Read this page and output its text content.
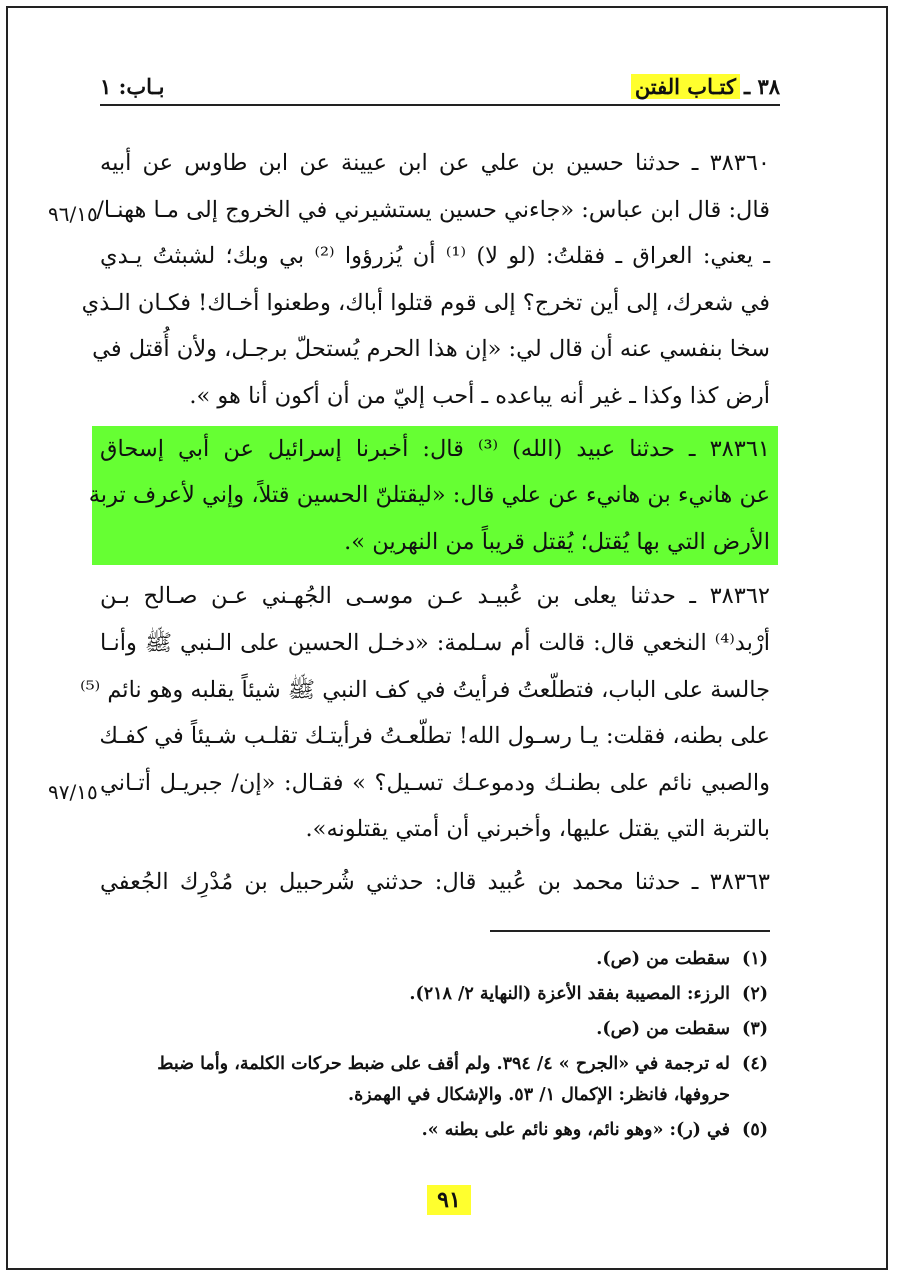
٣٨ ـ
كتـاب الفتن
بـاب: ١
٣٨٣٦٠ ـ حدثنا حسين بن علي عن ابن عيينة عن ابن طاوس عن أبيه
قال: قال ابن عباس: «جاءني حسين يستشيرني في الخروج إلى مـا ههنـا/
ـ يعني: العراق ـ فقلتُ: (لو لا) ⁽¹⁾ أن يُزرؤوا ⁽²⁾ بي وبك؛ لشبثتُ يـدي
في شعرك، إلى أين تخرج؟ إلى قوم قتلوا أباك، وطعنوا أخـاك! فكـان الـذي
سخا بنفسي عنه أن قال لي: «إن هذا الحرم يُستحلّ برجـل، ولأن أُقتل في
أرض كذا وكذا ـ غير أنه يباعده ـ أحب إليّ من أن أكون أنا هو ».
٣٨٣٦١ ـ حدثنا عبيد (الله) ⁽³⁾ قال: أخبرنا إسرائيل عن أبي إسحاق
عن هانيء بن هانيء عن علي قال: «ليقتلنّ الحسين قتلاً، وإني لأعرف تربة
الأرض التي بها يُقتل؛ يُقتل قريباً من النهرين ».
٣٨٣٦٢ ـ حدثنا يعلى بن عُبيـد عـن موسـى الجُهـني عـن صـالح بـن
أرْبد⁽⁴⁾ النخعي قال: قالت أم سـلمة: «دخـل الحسين على الـنبي ﷺ وأنـا
جالسة على الباب، فتطلّعتُ فرأيتُ في كف النبي ﷺ شيئاً يقلبه وهو نائم ⁽⁵⁾
على بطنه، فقلت: يـا رسـول الله! تطلّعـتُ فرأيتـك تقلـب شـيئاً في كفـك
والصبي نائم على بطنـك ودموعـك تسـيل؟ » فقـال: «إن/ جبريـل أتـاني
بالتربة التي يقتل عليها، وأخبرني أن أمتي يقتلونه».
٣٨٣٦٣ ـ حدثنا محمد بن عُبيد قال: حدثني شُرحبيل بن مُدْرِك الجُعفي
٩٦/١٥
٩٧/١٥
(١)
سقطت من (ص).
(٢)
الرزء: المصيبة بفقد الأعزة (النهاية ٢/ ٢١٨).
(٣)
سقطت من (ص).
(٤)
له ترجمة في «الجرح » ٤/ ٣٩٤. ولم أقف على ضبط حركات الكلمة، وأما ضبط حروفها، فانظر: الإكمال ١/ ٥٣. والإشكال في الهمزة.
(٥)
في (ر): «وهو نائم، وهو نائم على بطنه ».
٩١
